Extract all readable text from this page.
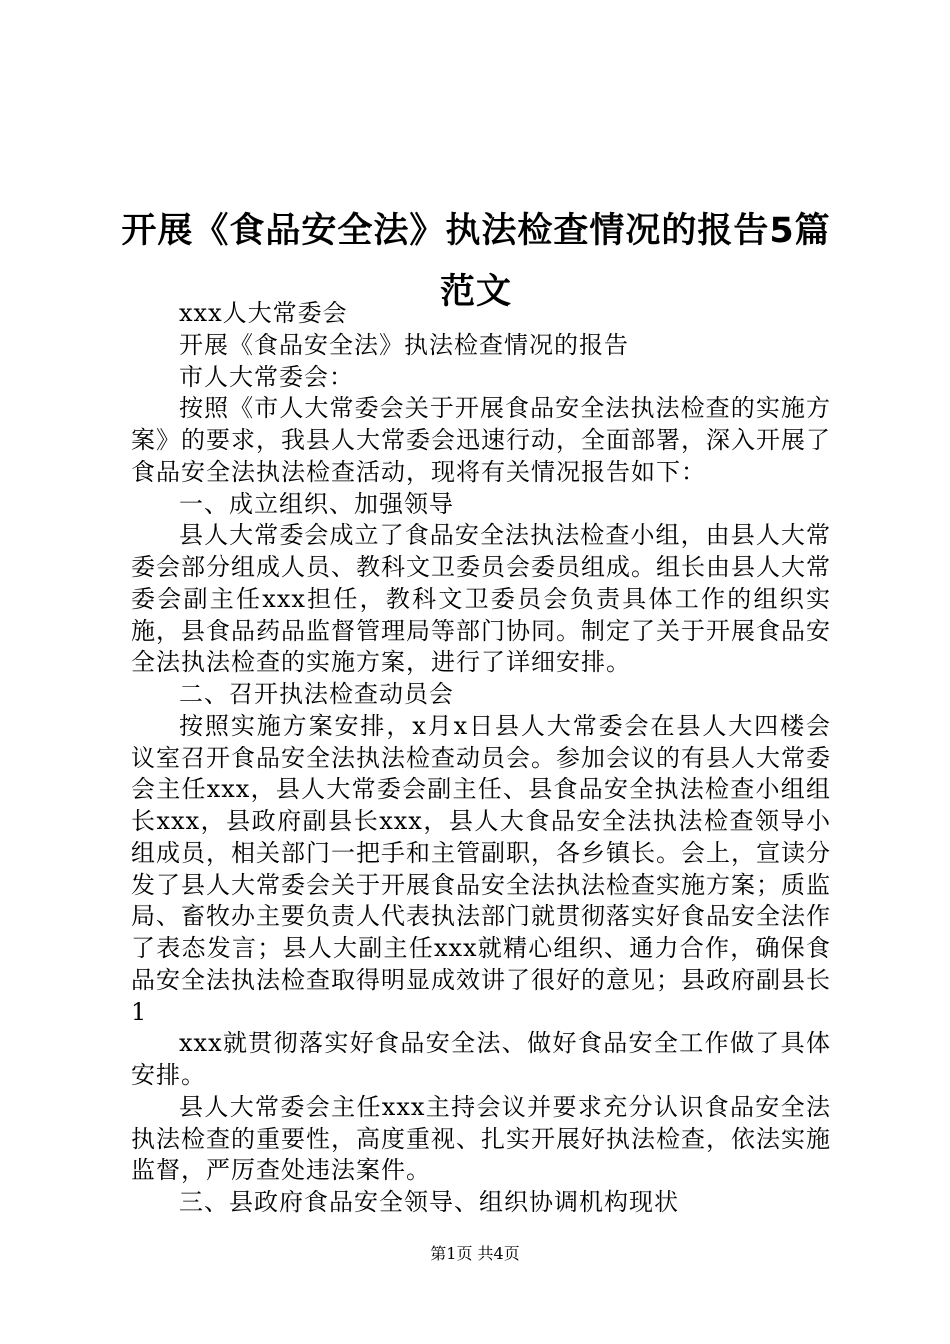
开展《食品安全法》执法检查情况的报告5篇
范文

xxx人大常委会

开展《食品安全法》执法检查情况的报告

市人大常委会：

按照《市人大常委会关于开展食品安全法执法检查的实施方案》的要求，我县人大常委会迅速行动，全面部署，深入开展了食品安全法执法检查活动，现将有关情况报告如下：

一、成立组织、加强领导

县人大常委会成立了食品安全法执法检查小组，由县人大常委会部分组成人员、教科文卫委员会委员组成。组长由县人大常委会副主任xxx担任，教科文卫委员会负责具体工作的组织实施，县食品药品监督管理局等部门协同。制定了关于开展食品安全法执法检查的实施方案，进行了详细安排。

二、召开执法检查动员会

按照实施方案安排，x月x日县人大常委会在县人大四楼会议室召开食品安全法执法检查动员会。参加会议的有县人大常委会主任xxx，县人大常委会副主任、县食品安全执法检查小组组长xxx，县政府副县长xxx，县人大食品安全法执法检查领导小组成员，相关部门一把手和主管副职，各乡镇长。会上，宣读分发了县人大常委会关于开展食品安全法执法检查实施方案；质监局、畜牧办主要负责人代表执法部门就贯彻落实好食品安全法作了表态发言；县人大副主任xxx就精心组织、通力合作，确保食品安全法执法检查取得明显成效讲了很好的意见；县政府副县长1

xxx就贯彻落实好食品安全法、做好食品安全工作做了具体安排。

县人大常委会主任xxx主持会议并要求充分认识食品安全法执法检查的重要性，高度重视、扎实开展好执法检查，依法实施监督，严厉查处违法案件。

三、县政府食品安全领导、组织协调机构现状

第1页 共4页
